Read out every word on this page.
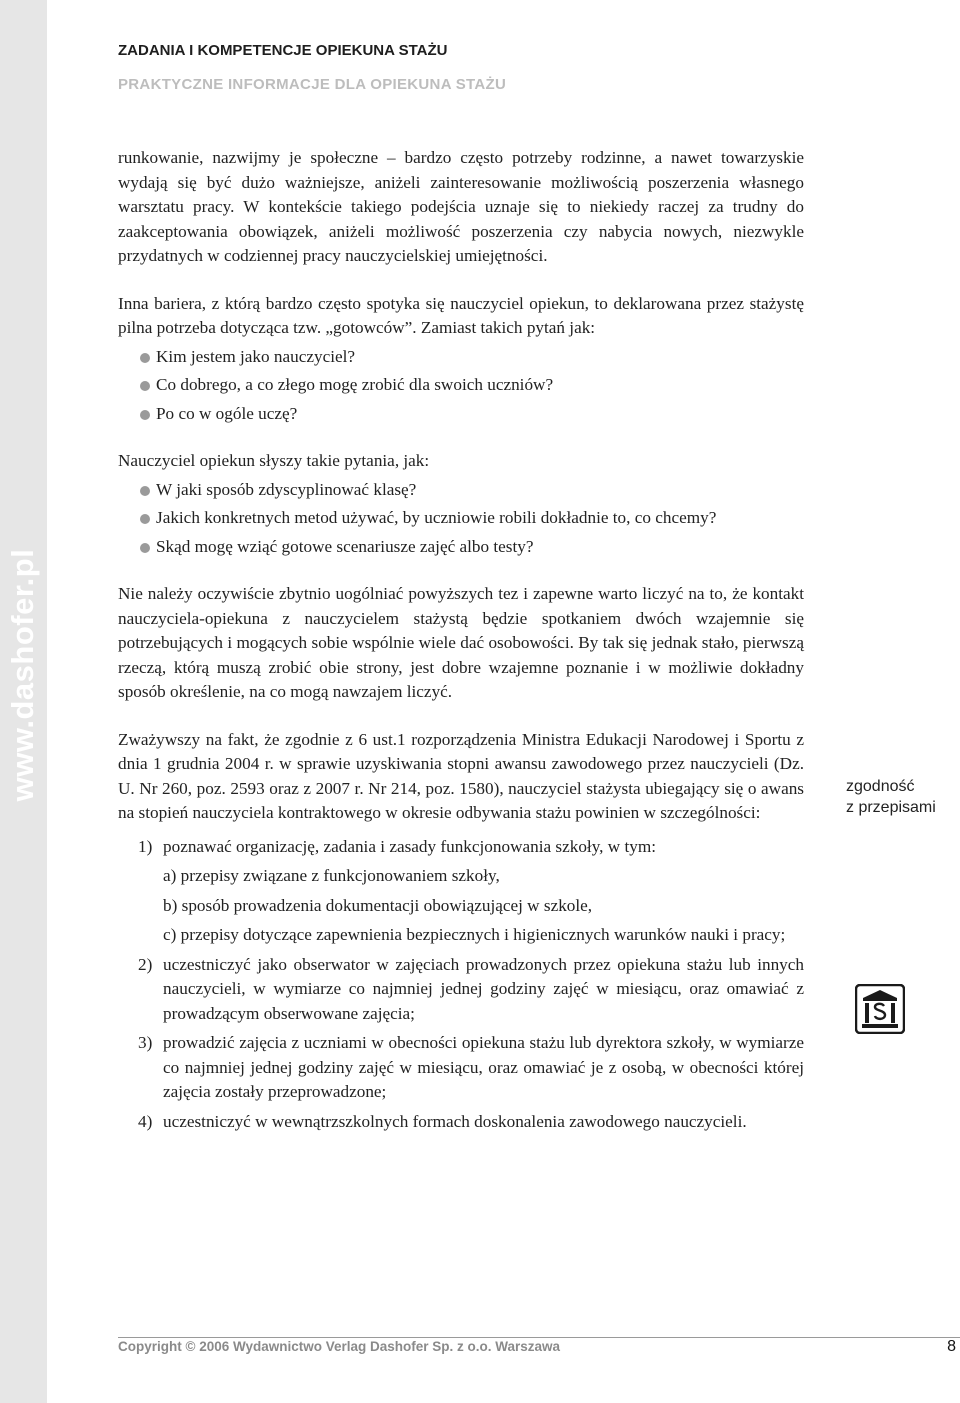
www.dashofer.pl
ZADANIA I KOMPETENCJE OPIEKUNA STAŻU
PRAKTYCZNE INFORMACJE DLA OPIEKUNA STAŻU

runkowanie, nazwijmy je społeczne – bardzo często potrzeby rodzinne, a nawet towarzyskie wydają się być dużo ważniejsze, aniżeli zainteresowanie możliwością poszerzenia własnego warsztatu pracy. W kontekście takiego podejścia uznaje się to niekiedy raczej za trudny do zaakceptowania obowiązek, aniżeli możliwość poszerzenia czy nabycia nowych, niezwykle przydatnych w codziennej pracy nauczycielskiej umiejętności.

Inna bariera, z którą bardzo często spotyka się nauczyciel opiekun, to deklarowana przez stażystę pilna potrzeba dotycząca tzw. „gotowców”. Zamiast takich pytań jak:

Kim jestem jako nauczyciel?
Co dobrego, a co złego mogę zrobić dla swoich uczniów?
Po co w ogóle uczę?

Nauczyciel opiekun słyszy takie pytania, jak:

W jaki sposób zdyscyplinować klasę?
Jakich konkretnych metod używać, by uczniowie robili dokładnie to, co chcemy?
Skąd mogę wziąć gotowe scenariusze zajęć albo testy?

Nie należy oczywiście zbytnio uogólniać powyższych tez i zapewne warto liczyć na to, że kontakt nauczyciela-opiekuna z nauczycielem stażystą będzie spotkaniem dwóch wzajemnie się potrzebujących i mogących sobie wspólnie wiele dać osobowości. By tak się jednak stało, pierwszą rzeczą, którą muszą zrobić obie strony, jest dobre wzajemne poznanie i w możliwie dokładny sposób określenie, na co mogą nawzajem liczyć.

Zważywszy na fakt, że zgodnie z 6 ust.1 rozporządzenia Ministra Edukacji Narodowej i Sportu z dnia 1 grudnia 2004 r. w sprawie uzyskiwania stopni awansu zawodowego przez nauczycieli (Dz. U. Nr 260, poz. 2593 oraz z 2007 r. Nr 214, poz. 1580), nauczyciel stażysta ubiegający się o awans na stopień nauczyciela kontraktowego w okresie odbywania stażu powinien w szczególności:

1) poznawać organizację, zadania i zasady funkcjonowania szkoły, w tym:
a) przepisy związane z funkcjonowaniem szkoły,
b) sposób prowadzenia dokumentacji obowiązującej w szkole,
c) przepisy dotyczące zapewnienia bezpiecznych i higienicznych warunków nauki i pracy;
2) uczestniczyć jako obserwator w zajęciach prowadzonych przez opiekuna stażu lub innych nauczycieli, w wymiarze co najmniej jednej godziny zajęć w miesiącu, oraz omawiać z prowadzącym obserwowane zajęcia;
3) prowadzić zajęcia z uczniami w obecności opiekuna stażu lub dyrektora szkoły, w wymiarze co najmniej jednej godziny zajęć w miesiącu, oraz omawiać je z osobą, w obecności której zajęcia zostały przeprowadzone;
4) uczestniczyć w wewnątrzszkolnych formach doskonalenia zawodowego nauczycieli.

zgodność
z przepisami

Copyright © 2006 Wydawnictwo Verlag Dashofer Sp. z o.o. Warszawa	8
